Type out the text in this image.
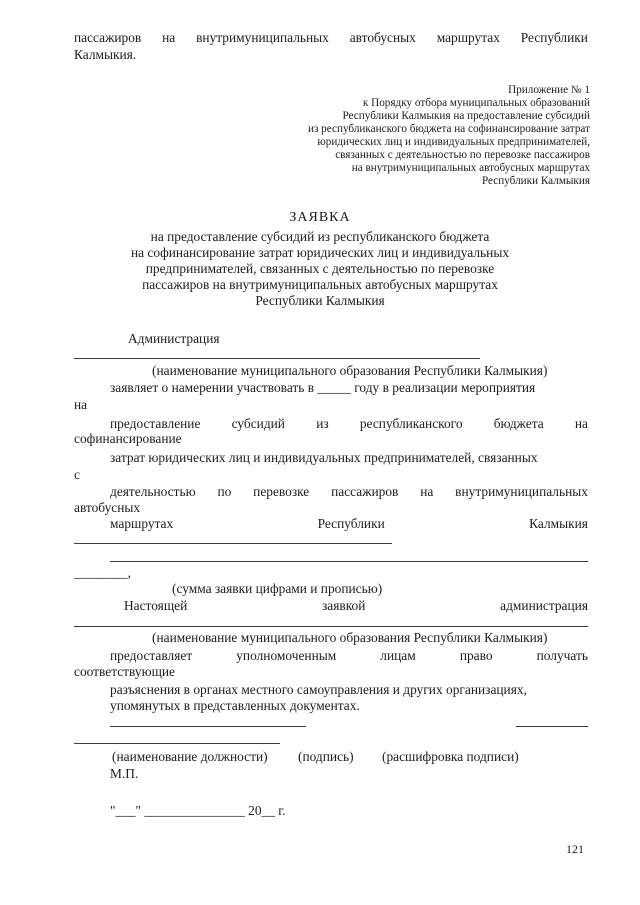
пассажиров на внутримуниципальных автобусных маршрутах Республики
Калмыкия.
Приложение № 1
к Порядку отбора муниципальных образований
Республики Калмыкия на предоставление субсидий
из республиканского бюджета на софинансирование затрат
юридических лиц и индивидуальных предпринимателей,
связанных с деятельностью по перевозке пассажиров
на внутримуниципальных автобусных маршрутах
Республики Калмыкия
ЗАЯВКА
на предоставление субсидий из республиканского бюджета
на софинансирование затрат юридических лиц и индивидуальных
предпринимателей, связанных с деятельностью по перевозке
пассажиров на внутримуниципальных автобусных маршрутах
Республики Калмыкия
Администрация
(наименование муниципального образования Республики Калмыкия)
заявляет о намерении участвовать в _____ году в реализации мероприятия
на
предоставление субсидий из республиканского бюджета на
софинансирование
затрат юридических лиц и индивидуальных предпринимателей, связанных
с
деятельностью по перевозке пассажиров на внутримуниципальных
автобусных
маршрутах	Республики	Калмыкия
________,
(сумма заявки цифрами и прописью)
Настоящей	заявкой	администрация
(наименование муниципального образования Республики Калмыкия)
предоставляет	уполномоченным	лицам	право	получать
соответствующие
разъяснения в органах местного самоуправления и других организациях,
упомянутых в представленных документах.
(наименование должности) (подпись) (расшифровка подписи)
М.П.
"___" _______________ 20__ г.
121
